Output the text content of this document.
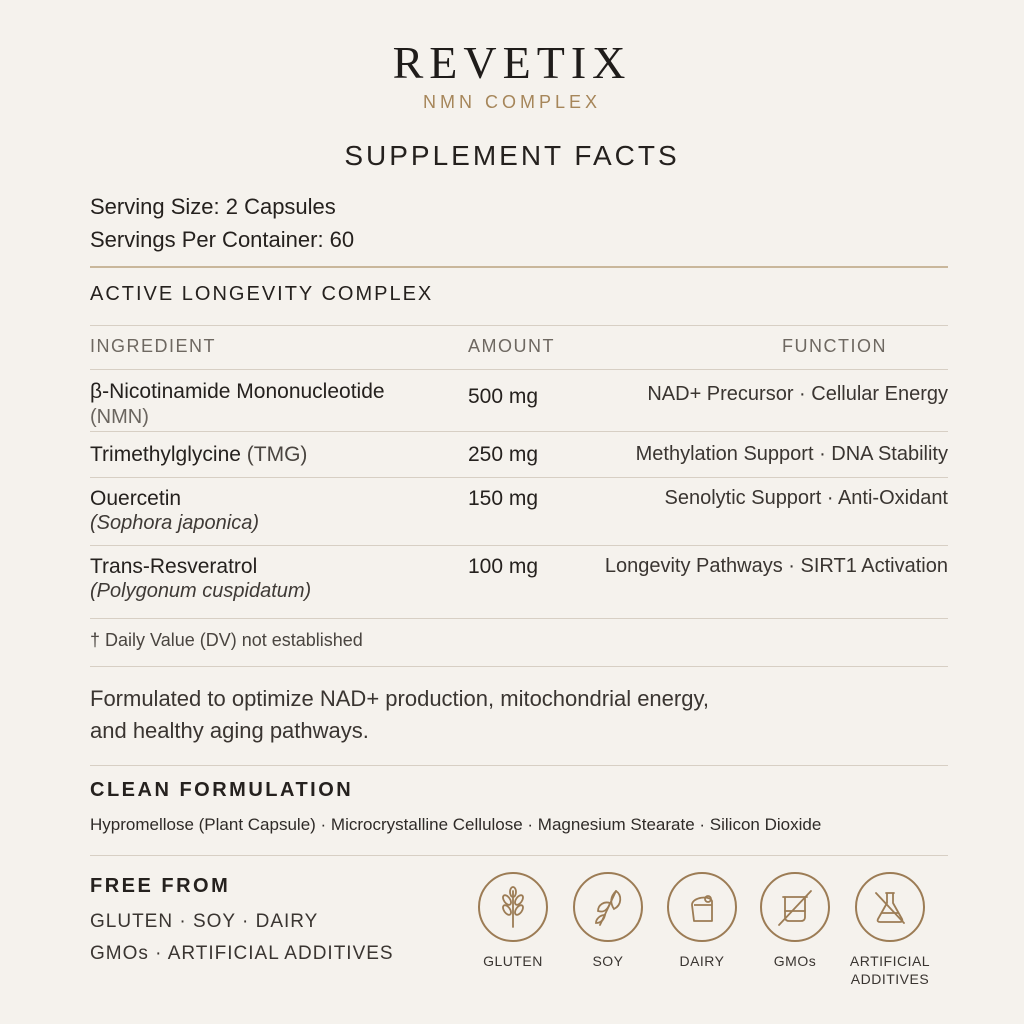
REVETIX
NMN COMPLEX
SUPPLEMENT FACTS
Serving Size: 2 Capsules
Servings Per Container: 60
ACTIVE LONGEVITY COMPLEX
INGREDIENT	AMOUNT	FUNCTION
β-Nicotinamide Mononucleotide
(NMN)
500 mg	NAD+ Precursor · Cellular Energy
Trimethylglycine (TMG)	250 mg	Methylation Support · DNA Stability
Ouercetin
(Sophora japonica)
150 mg	Senolytic Support · Anti-Oxidant
Trans-Resveratrol
(Polygonum cuspidatum)
100 mg	Longevity Pathways · SIRT1 Activation
† Daily Value (DV) not established
Formulated to optimize NAD+ production, mitochondrial energy,
and healthy aging pathways.
CLEAN FORMULATION
Hypromellose (Plant Capsule) · Microcrystalline Cellulose · Magnesium Stearate · Silicon Dioxide
FREE FROM
GLUTEN · SOY · DAIRY
GMOs · ARTIFICIAL ADDITIVES	GLUTEN	SOY	DAIRY	GMOs	ARTIFICIAL
ADDITIVES
